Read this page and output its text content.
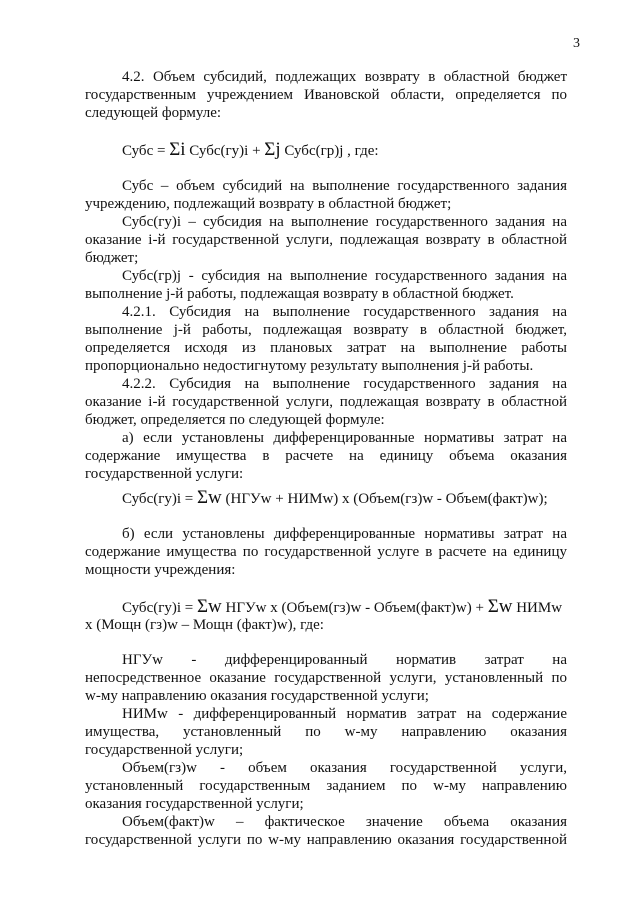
3
4.2. Объем субсидий, подлежащих возврату в областной бюджет
государственным учреждением Ивановской области, определяется по
следующей формуле:
Субс = Σi Субс(гу)i + Σj Субс(гр)j , где:
Субс – объем субсидий на выполнение государственного задания
учреждению, подлежащий возврату в областной бюджет;
Субс(гу)i – субсидия на выполнение государственного задания на
оказание i-й государственной услуги, подлежащая возврату в областной
бюджет;
Субс(гр)j - субсидия на выполнение государственного задания на
выполнение j-й работы, подлежащая возврату в областной бюджет.
4.2.1. Субсидия на выполнение государственного задания на
выполнение j-й работы, подлежащая возврату в областной бюджет,
определяется исходя из плановых затрат на выполнение работы
пропорционально недостигнутому результату выполнения j-й работы.
4.2.2. Субсидия на выполнение государственного задания на
оказание i-й государственной услуги, подлежащая возврату в областной
бюджет, определяется по следующей формуле:
а) если установлены дифференцированные нормативы затрат на
содержание имущества в расчете на единицу объема оказания
государственной услуги:
Субс(гу)i = Σw (НГУw + НИМw) x (Объем(гз)w - Объем(факт)w);
б) если установлены дифференцированные нормативы затрат на
содержание имущества по государственной услуге в расчете на единицу
мощности учреждения:
Субс(гу)i = Σw НГУw x (Объем(гз)w - Объем(факт)w) + Σw НИМw
x (Мощн (гз)w – Мощн (факт)w), где:
НГУw - дифференцированный норматив затрат на
непосредственное оказание государственной услуги, установленный по
w-му направлению оказания государственной услуги;
НИМw - дифференцированный норматив затрат на содержание
имущества, установленный по w-му направлению оказания
государственной услуги;
Объем(гз)w - объем оказания государственной услуги,
установленный государственным заданием по w-му направлению
оказания государственной услуги;
Объем(факт)w – фактическое значение объема оказания
государственной услуги по w-му направлению оказания государственной
